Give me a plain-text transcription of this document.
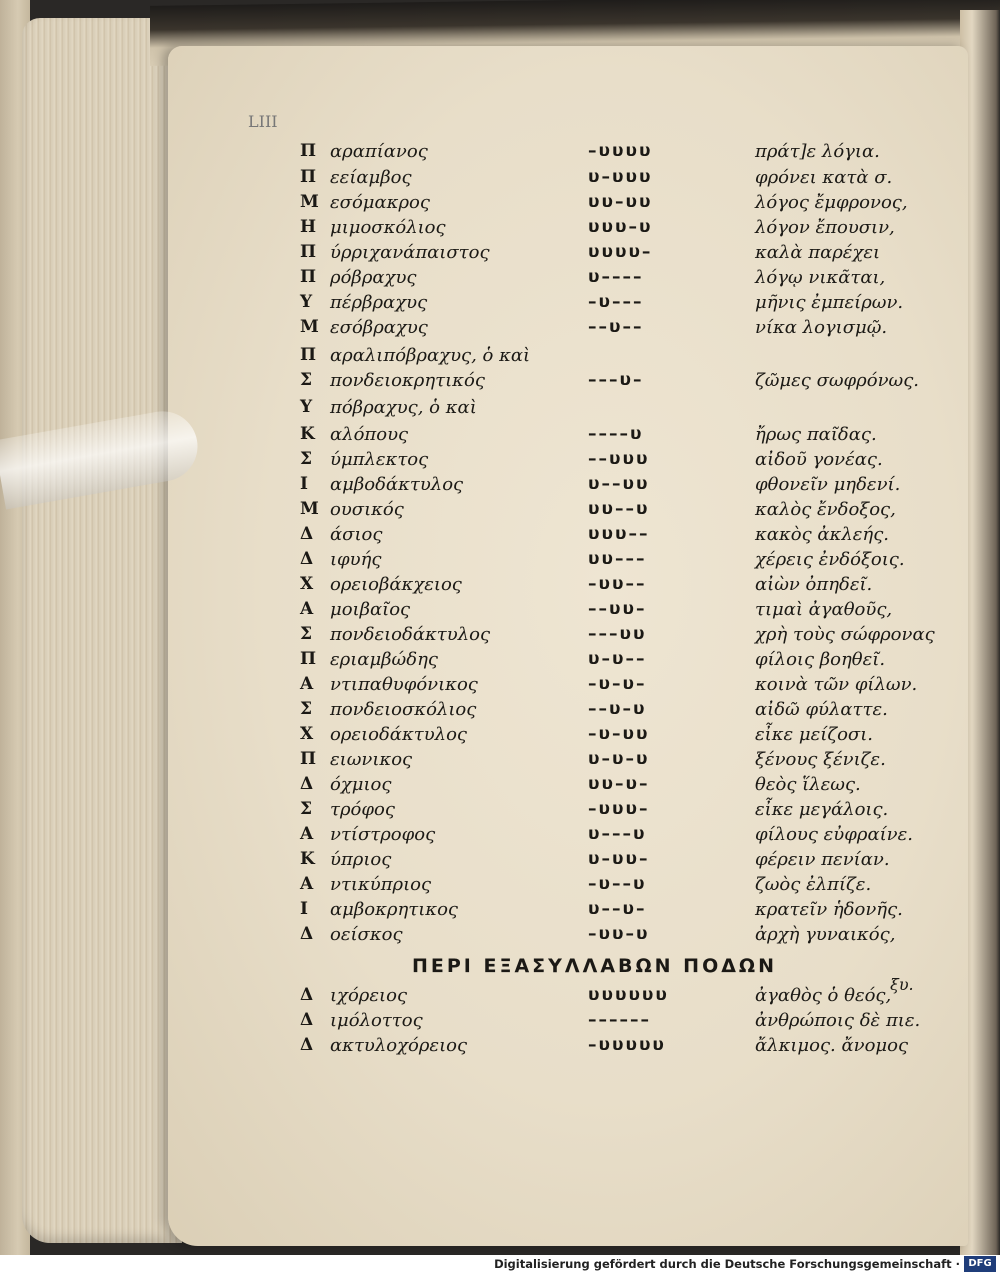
LIII
Π αραπίανος	–υυυυ	πράτ]ε λόγια.
Π εείαμβος	υ–υυυ	φρόνει κατὰ σ.
Μ εσόμακρος	υυ–υυ	λόγος ἔμφρονος,
Η μιμοσκόλιος	υυυ–υ	λόγον ἔπουσιν,
Π ύρριχανάπαιστος	υυυυ–	καλὰ παρέχει
Π ρόβραχυς	υ––––	λόγῳ νικᾶται,
Υ πέρβραχυς	–υ–––	μῆνις ἐμπείρων.
Μ εσόβραχυς	––υ––	νίκα λογισμῷ.
Π αραλιπόβραχυς, ὁ καὶ
Σ πονδειοκρητικός	–––υ–	ζῶμες σωφρόνως.
Υ πόβραχυς, ὁ καὶ
Κ αλόπους	––––υ	ἤρως παῖδας.
Σ ύμπλεκτος	––υυυ	αἰδοῦ γονέας.
Ι αμβοδάκτυλος	υ––υυ	φθονεῖν μηδενί.
Μ ουσικός	υυ––υ	καλὸς ἔνδοξος,
Δ άσιος	υυυ––	κακὸς ἀκλεής.
Δ ιφυής	υυ–––	χέρεις ἐνδόξοις.
Χ ορειοβάκχειος	–υυ––	αἰὼν ὀπηδεῖ.
Α μοιβαῖος	––υυ–	τιμαὶ ἀγαθοῦς,
Σ πονδειοδάκτυλος	–––υυ	χρὴ τοὺς σώφρονας
Π εριαμβώδης	υ–υ––	φίλοις βοηθεῖ.
Α ντιπαθυφόνικος	–υ–υ–	κοινὰ τῶν φίλων.
Σ πονδειοσκόλιος	––υ–υ	αἰδῶ φύλαττε.
Χ ορειοδάκτυλος	–υ–υυ	εἶκε μείζοσι.
Π ειωνικος	υ–υ–υ	ξένους ξένιζε.
Δ όχμιος	υυ–υ–	θεὸς ἵλεως.
Σ τρόφος	–υυυ–	εἶκε μεγάλοις.
Α ντίστροφος	υ–––υ	φίλους εὐφραίνε.
Κ ύπριος	υ–υυ–	φέρειν πενίαν.
Α ντικύπριος	–υ––υ	ζωὸς ἐλπίζε.
Ι αμβοκρητικος	υ––υ–	κρατεῖν ἡδονῆς.
Δ οείσκος	–υυ–υ	ἀρχὴ γυναικός,
Δ ιχόρειος	υυυυυυ	ἀγαθὸς ὁ θεός,
Δ ιμόλοττος	––––––	ἀνθρώποις δὲ πιε.
Δ ακτυλοχόρειος	–υυυυυ	ἄλκιμος. ἄνομος
ΠΕΡΙ ΕΞΑΣΥΛΛΑΒΩΝ ΠΟΔΩΝ
ξυ.
Digitalisierung gefördert durch die Deutsche Forschungsgemeinschaft · DFG
